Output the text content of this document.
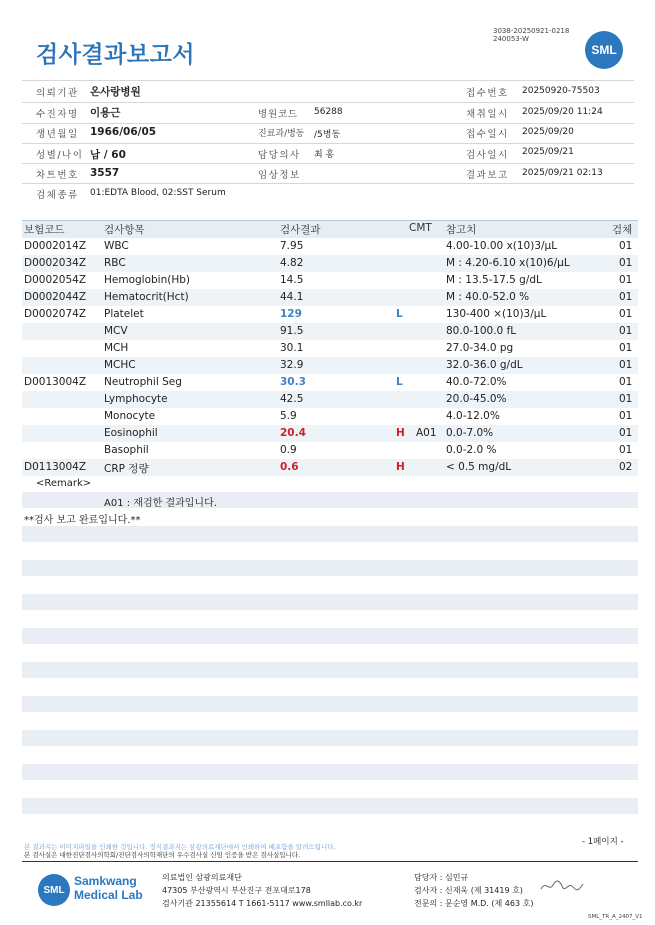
검사결과보고서
3038-20250921-0218
240053-W
SML
의뢰기관 온사랑병원
수진자명 이용근
생년월일 1966/06/05
성별/나이 남 / 60
차트번호 3557
검체종류 01:EDTA Blood, 02:SST Serum
병원코드 56288
진료과/병동 /5병동
담당의사 최 홍
임상정보
접수번호 20250920-75503
채취일시 2025/09/20 11:24
접수일시 2025/09/20
검사일시 2025/09/21
결과보고 2025/09/21 02:13
보험코드	검사항목	검사결과	CMT 참고치	검체
D0002014Z WBC	7.95	4.00-10.00 x(10)3/μL	01
D0002034Z RBC	4.82	M : 4.20-6.10 x(10)6/μL	01
D0002054Z Hemoglobin(Hb)	14.5	M : 13.5-17.5 g/dL	01
D0002044Z Hematocrit(Hct)	44.1	M : 40.0-52.0 %	01
D0002074Z Platelet	129	L	130-400 ×(10)3/μL	01
MCV	91.5	80.0-100.0 fL	01
MCH	30.1	27.0-34.0 pg	01
MCHC	32.9	32.0-36.0 g/dL	01
D0013004Z Neutrophil Seg	30.3	L	40.0-72.0%	01
Lymphocyte	42.5	20.0-45.0%	01
Monocyte	5.9	4.0-12.0%	01
Eosinophil	20.4	H A01 0.0-7.0%	01
Basophil	0.9	0.0-2.0 %	01
D0113004Z CRP 정량	0.6	H	< 0.5 mg/dL	02
<Remark>
A01 : 재검한 결과입니다.
**검사 보고 완료입니다.**
- 1페이지 -
본 결과지는 이미지파일을 인쇄한 것입니다. 정식결과지는 삼광의료재단에서 인쇄하여 배포함을 알려드립니다.
본 검사실은 대한진단검사의학회/진단검사의학재단의 우수검사실 신임 인증을 받은 검사실입니다.
SML
Samkwang
Medical Lab
의료법인 삼광의료재단
47305 부산광역시 부산진구 전포대로178
검사기관 21355614 T 1661-5117 www.smllab.co.kr
담당자 : 심민규
검사자 : 신재욱 (제 31419 호)
전문의 : 문순영 M.D. (제 463 호)
SML_TR_A_2407_V1
